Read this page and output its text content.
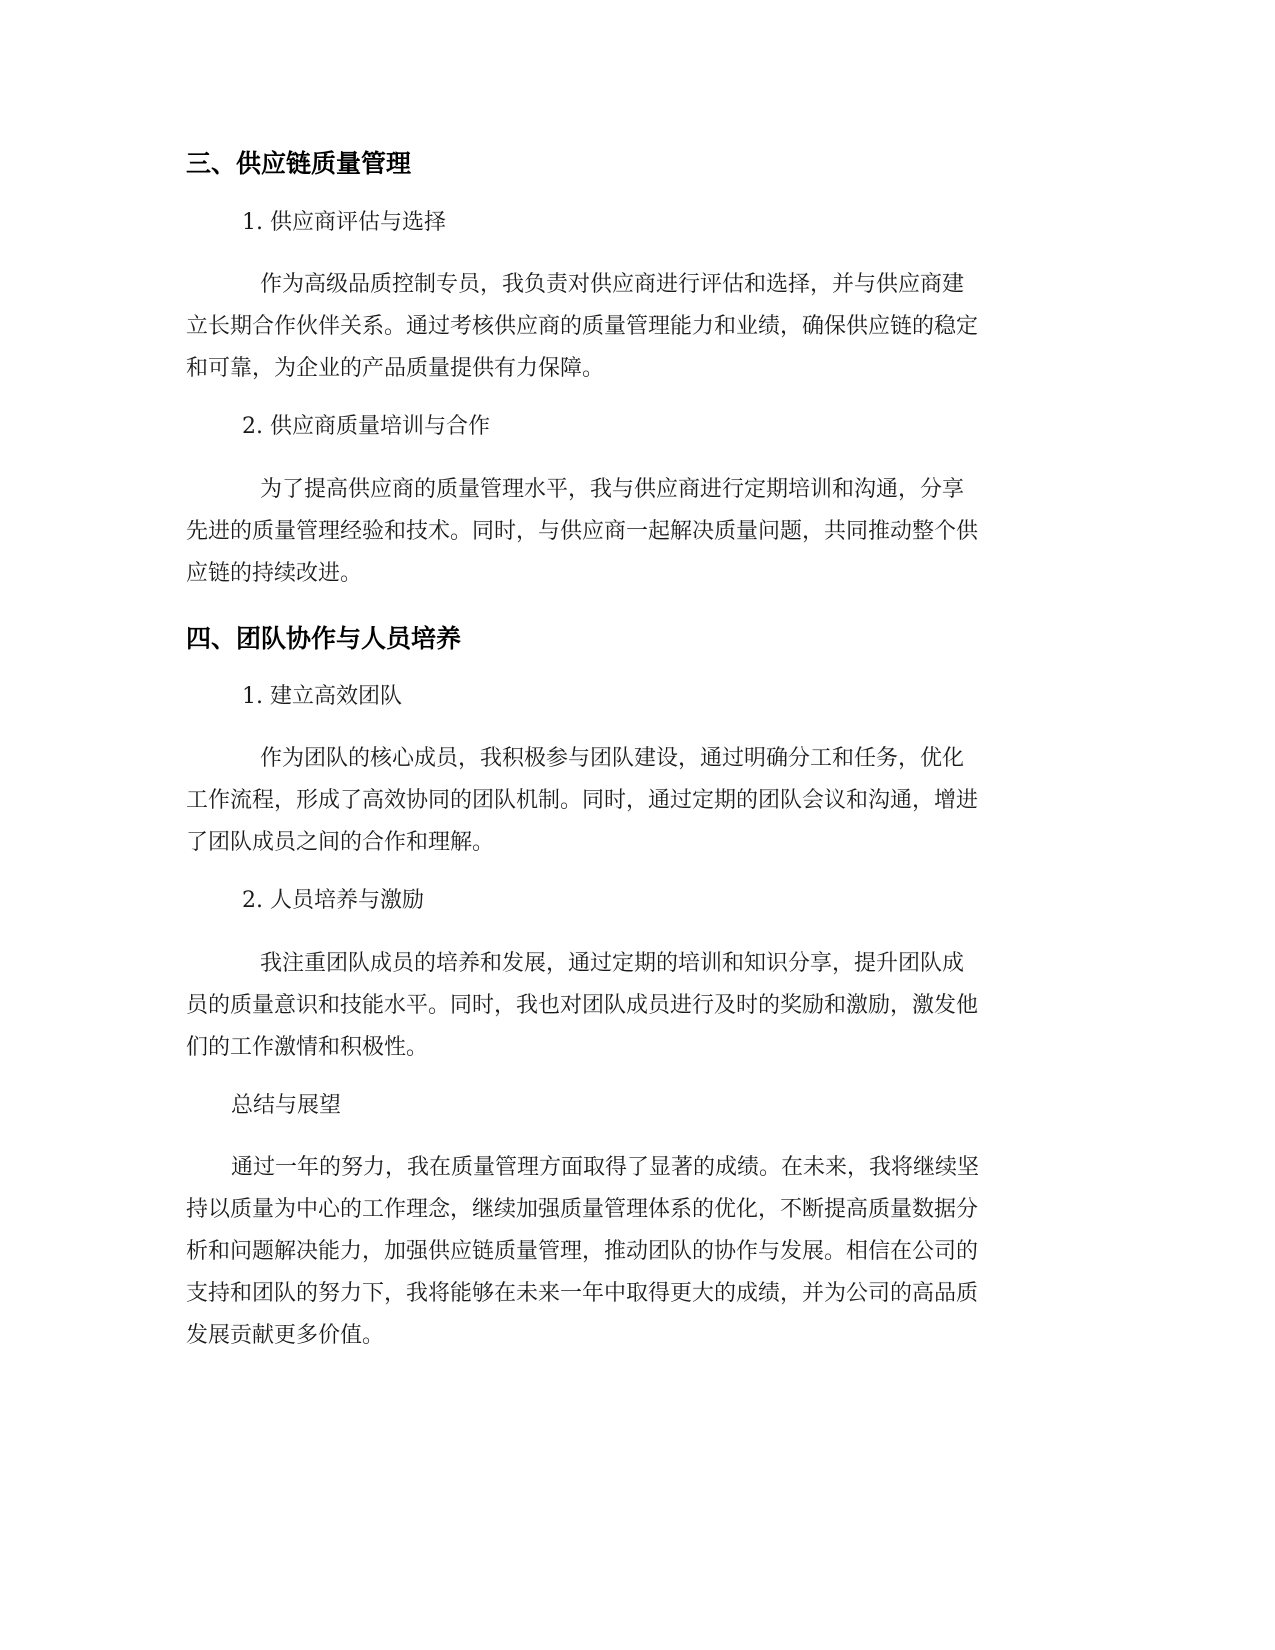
三、供应链质量管理

1. 供应商评估与选择

作为高级品质控制专员，我负责对供应商进行评估和选择，并与供应商建
立长期合作伙伴关系。通过考核供应商的质量管理能力和业绩，确保供应链的稳定
和可靠，为企业的产品质量提供有力保障。

2. 供应商质量培训与合作

为了提高供应商的质量管理水平，我与供应商进行定期培训和沟通，分享
先进的质量管理经验和技术。同时，与供应商一起解决质量问题，共同推动整个供
应链的持续改进。
四、团队协作与人员培养

1. 建立高效团队

作为团队的核心成员，我积极参与团队建设，通过明确分工和任务，优化
工作流程，形成了高效协同的团队机制。同时，通过定期的团队会议和沟通，增进
了团队成员之间的合作和理解。

2. 人员培养与激励

我注重团队成员的培养和发展，通过定期的培训和知识分享，提升团队成
员的质量意识和技能水平。同时，我也对团队成员进行及时的奖励和激励，激发他
们的工作激情和积极性。

总结与展望

通过一年的努力，我在质量管理方面取得了显著的成绩。在未来，我将继续坚
持以质量为中心的工作理念，继续加强质量管理体系的优化，不断提高质量数据分
析和问题解决能力，加强供应链质量管理，推动团队的协作与发展。相信在公司的
支持和团队的努力下，我将能够在未来一年中取得更大的成绩，并为公司的高品质
发展贡献更多价值。
